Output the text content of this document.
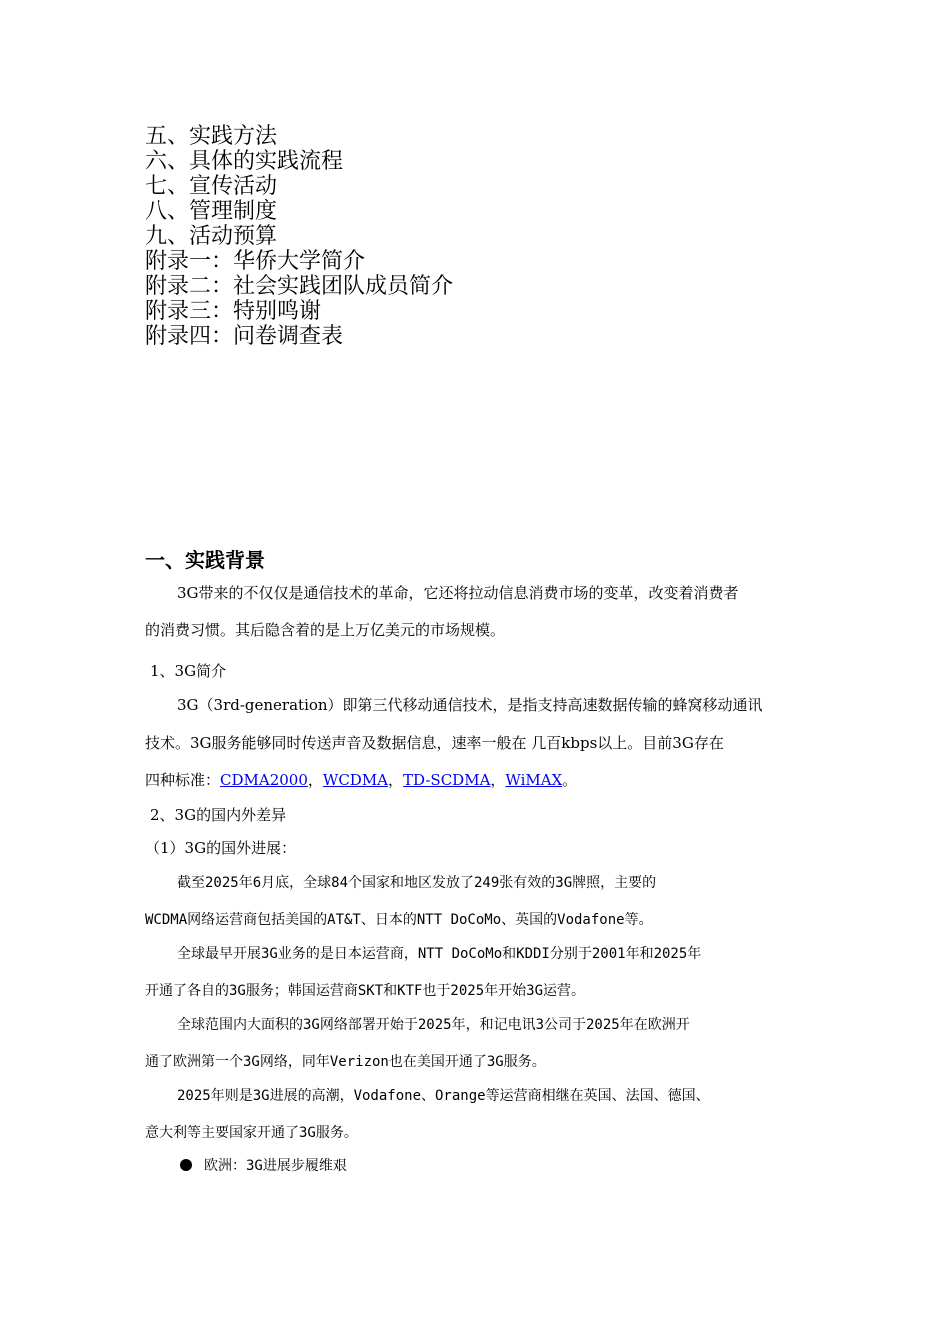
五、实践方法
六、具体的实践流程
七、宣传活动
八、管理制度
九、活动预算
附录一：华侨大学简介
附录二：社会实践团队成员简介
附录三：特别鸣谢
附录四：问卷调查表
一、实践背景
3G带来的不仅仅是通信技术的革命，它还将拉动信息消费市场的变革，改变着消费者
的消费习惯。其后隐含着的是上万亿美元的市场规模。
1、3G简介
3G（3rd-generation）即第三代移动通信技术，是指支持高速数据传输的蜂窝移动通讯
技术。3G服务能够同时传送声音及数据信息，速率一般在 几百kbps以上。目前3G存在
四种标准：CDMA2000，WCDMA，TD-SCDMA，WiMAX。
2、3G的国内外差异
（1）3G的国外进展：
截至2025年6月底，全球84个国家和地区发放了249张有效的3G牌照，主要的
WCDMA网络运营商包括美国的AT&T、日本的NTT DoCoMo、英国的Vodafone等。
全球最早开展3G业务的是日本运营商，NTT DoCoMo和KDDI分别于2001年和2025年
开通了各自的3G服务；韩国运营商SKT和KTF也于2025年开始3G运营。
全球范围内大面积的3G网络部署开始于2025年，和记电讯3公司于2025年在欧洲开
通了欧洲第一个3G网络，同年Verizon也在美国开通了3G服务。
2025年则是3G进展的高潮，Vodafone、Orange等运营商相继在英国、法国、德国、
意大利等主要国家开通了3G服务。
欧洲：3G进展步履维艰
